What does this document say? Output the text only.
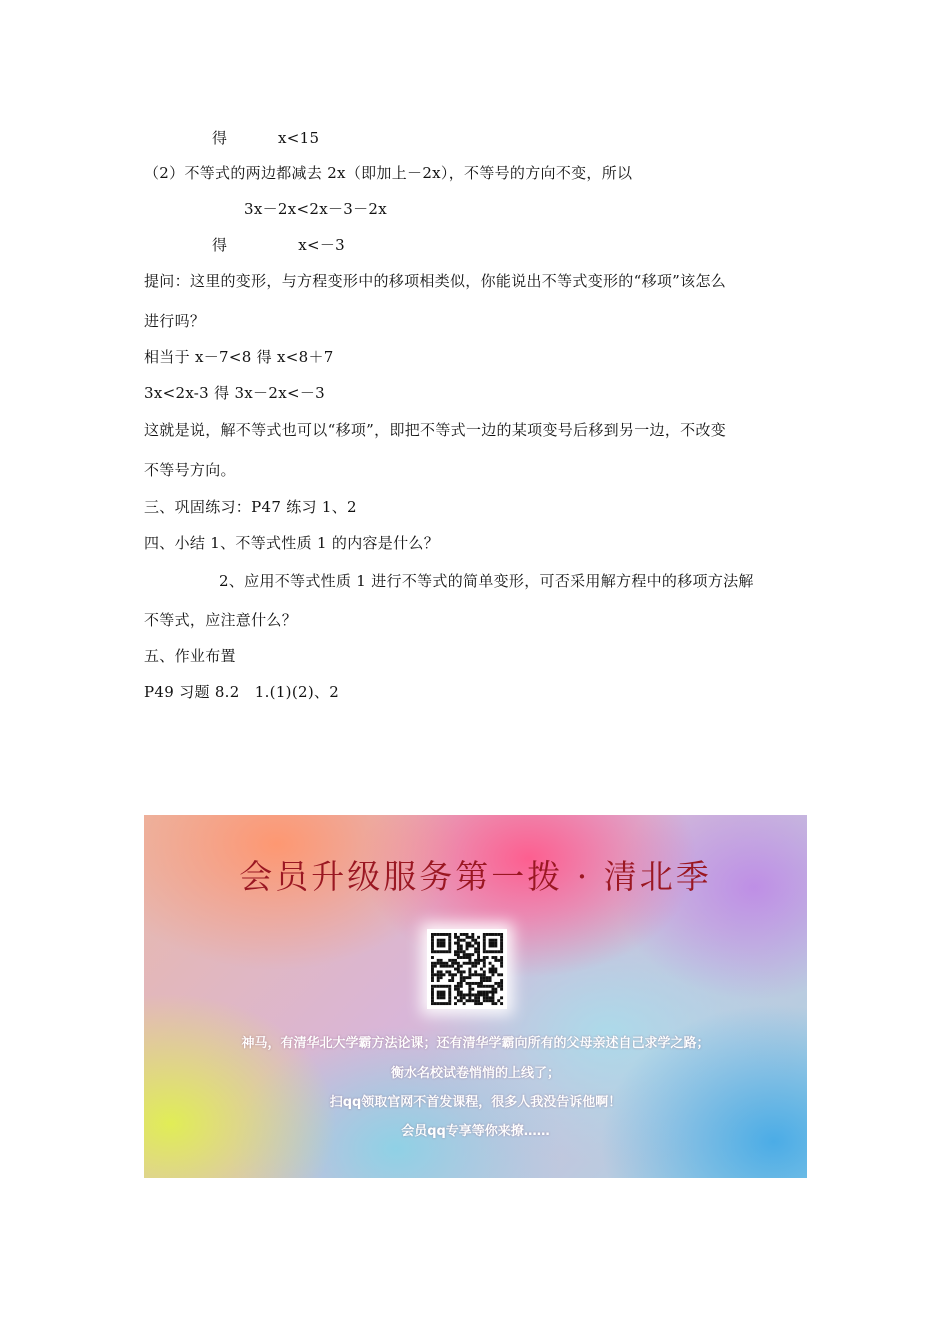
得          x<15
（2）不等式的两边都减去 2x（即加上－2x），不等号的方向不变，所以
3x－2x<2x－3－2x
得              x<－3
提问：这里的变形，与方程变形中的移项相类似，你能说出不等式变形的“移项”该怎么
进行吗？
相当于 x－7<8 得 x<8＋7
3x<2x-3 得 3x－2x<－3
这就是说，解不等式也可以“移项”，即把不等式一边的某项变号后移到另一边，不改变
不等号方向。
三、巩固练习：P47 练习 1、2
四、小结 1、不等式性质 1 的内容是什么？
2、应用不等式性质 1 进行不等式的简单变形，可否采用解方程中的移项方法解
不等式，应注意什么？
五、作业布置
P49 习题 8.2   1.(1)(2)、2
会员升级服务第一拨 · 清北季
神马，有清华北大学霸方法论课；还有清华学霸向所有的父母亲述自己求学之路；
衡水名校试卷悄悄的上线了；
扫qq领取官网不首发课程，很多人我没告诉他啊！
会员qq专享等你来撩……
